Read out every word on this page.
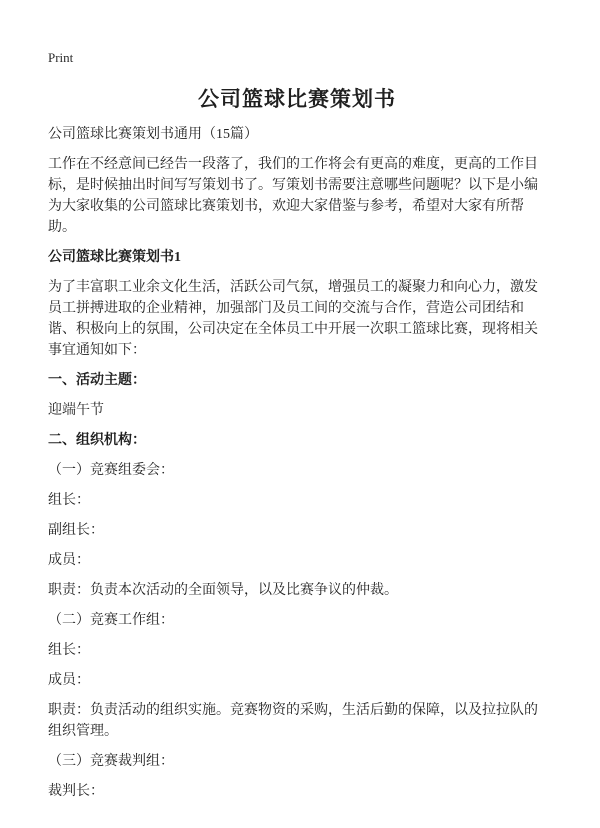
Print
公司篮球比赛策划书

公司篮球比赛策划书通用（15篇）

工作在不经意间已经告一段落了，我们的工作将会有更高的难度，更高的工作目标，是时候抽出时间写写策划书了。写策划书需要注意哪些问题呢？以下是小编为大家收集的公司篮球比赛策划书，欢迎大家借鉴与参考，希望对大家有所帮助。

公司篮球比赛策划书1

为了丰富职工业余文化生活，活跃公司气氛，增强员工的凝聚力和向心力，激发员工拼搏进取的企业精神，加强部门及员工间的交流与合作，营造公司团结和谐、积极向上的氛围，公司决定在全体员工中开展一次职工篮球比赛，现将相关事宜通知如下：

一、活动主题：

迎端午节

二、组织机构：

（一）竞赛组委会：

组长：

副组长：

成员：

职责：负责本次活动的全面领导，以及比赛争议的仲裁。

（二）竞赛工作组：

组长：

成员：

职责：负责活动的组织实施。竞赛物资的采购，生活后勤的保障，以及拉拉队的组织管理。

（三）竞赛裁判组：

裁判长：
